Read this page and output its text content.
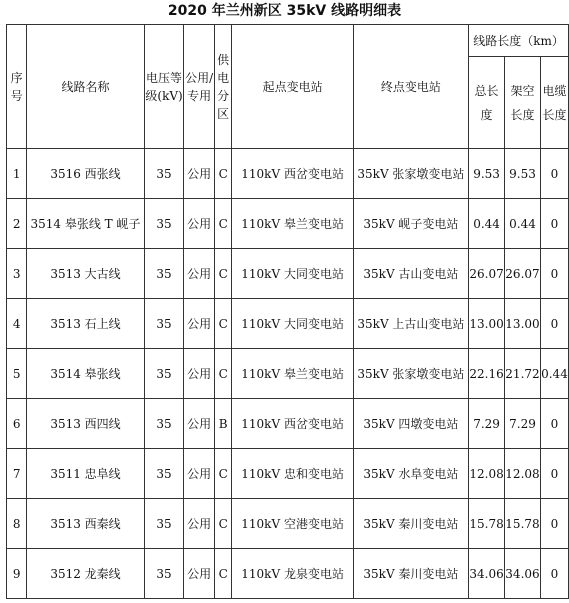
2020 年兰州新区 35kV 线路明细表
序号	线路名称	电压等级(kV)	公用/专用	供电分区	起点变电站	终点变电站	线路长度（km）		
							总长度	架空长度	电缆长度
1	3516 西张线	35	公用	C	110kV 西岔变电站	35kV 张家墩变电站	9.53	9.53	0
2	3514 皋张线 T 岘子	35	公用	C	110kV 皋兰变电站	35kV 岘子变电站	0.44	0.44	0
3	3513 大古线	35	公用	C	110kV 大同变电站	35kV 古山变电站	26.07	26.07	0
4	3513 石上线	35	公用	C	110kV 大同变电站	35kV 上古山变电站	13.00	13.00	0
5	3514 皋张线	35	公用	C	110kV 皋兰变电站	35kV 张家墩变电站	22.16	21.72	0.44
6	3513 西四线	35	公用	B	110kV 西岔变电站	35kV 四墩变电站	7.29	7.29	0
7	3511 忠阜线	35	公用	C	110kV 忠和变电站	35kV 水阜变电站	12.08	12.08	0
8	3513 西秦线	35	公用	C	110kV 空港变电站	35kV 秦川变电站	15.78	15.78	0
9	3512 龙秦线	35	公用	C	110kV 龙泉变电站	35kV 秦川变电站	34.06	34.06	0
